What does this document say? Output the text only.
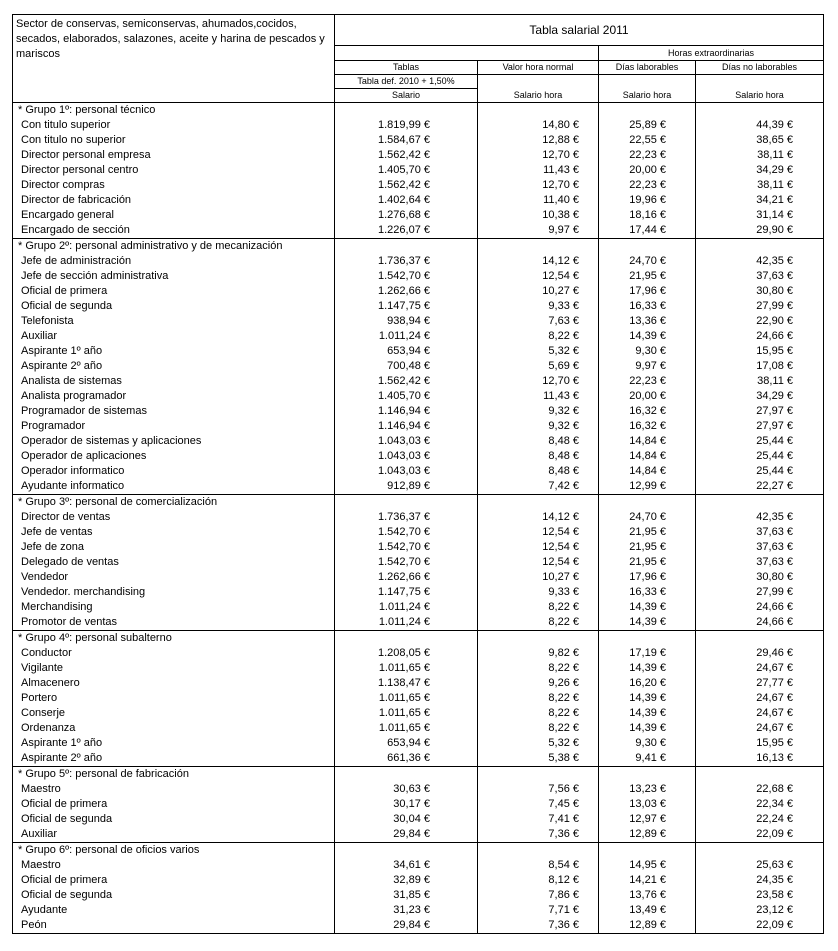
Sector de conservas, semiconservas, ahumados,cocidos, secados, elaborados, salazones, aceite y harina de pescados y mariscos	Tabla salarial 2011			
			Horas extraordinarias	
	Tablas	Valor hora normal	Días laborables	Días no laborables
	Tabla def. 2010 + 1,50%			
	Salario	Salario hora	Salario hora	Salario hora

* Grupo 1º: personal técnico				
Con titulo superior	1.819,99 €	14,80 €	25,89 €	44,39 €
Con titulo no superior	1.584,67 €	12,88 €	22,55 €	38,65 €
Director personal empresa	1.562,42 €	12,70 €	22,23 €	38,11 €
Director personal centro	1.405,70 €	11,43 €	20,00 €	34,29 €
Director compras	1.562,42 €	12,70 €	22,23 €	38,11 €
Director de fabricación	1.402,64 €	11,40 €	19,96 €	34,21 €
Encargado general	1.276,68 €	10,38 €	18,16 €	31,14 €
Encargado de sección	1.226,07 €	9,97 €	17,44 €	29,90 €
* Grupo 2º: personal administrativo y de mecanización				
Jefe de administración	1.736,37 €	14,12 €	24,70 €	42,35 €
Jefe de sección administrativa	1.542,70 €	12,54 €	21,95 €	37,63 €
Oficial de primera	1.262,66 €	10,27 €	17,96 €	30,80 €
Oficial de segunda	1.147,75 €	9,33 €	16,33 €	27,99 €
Telefonista	938,94 €	7,63 €	13,36 €	22,90 €
Auxiliar	1.011,24 €	8,22 €	14,39 €	24,66 €
Aspirante 1º año	653,94 €	5,32 €	9,30 €	15,95 €
Aspirante 2º año	700,48 €	5,69 €	9,97 €	17,08 €
Analista de sistemas	1.562,42 €	12,70 €	22,23 €	38,11 €
Analista programador	1.405,70 €	11,43 €	20,00 €	34,29 €
Programador de sistemas	1.146,94 €	9,32 €	16,32 €	27,97 €
Programador	1.146,94 €	9,32 €	16,32 €	27,97 €
Operador de sistemas y aplicaciones	1.043,03 €	8,48 €	14,84 €	25,44 €
Operador de aplicaciones	1.043,03 €	8,48 €	14,84 €	25,44 €
Operador informatico	1.043,03 €	8,48 €	14,84 €	25,44 €
Ayudante informatico	912,89 €	7,42 €	12,99 €	22,27 €
* Grupo 3º: personal de comercialización				
Director de ventas	1.736,37 €	14,12 €	24,70 €	42,35 €
Jefe de ventas	1.542,70 €	12,54 €	21,95 €	37,63 €
Jefe de zona	1.542,70 €	12,54 €	21,95 €	37,63 €
Delegado de ventas	1.542,70 €	12,54 €	21,95 €	37,63 €
Vendedor	1.262,66 €	10,27 €	17,96 €	30,80 €
Vendedor. merchandising	1.147,75 €	9,33 €	16,33 €	27,99 €
Merchandising	1.011,24 €	8,22 €	14,39 €	24,66 €
Promotor de ventas	1.011,24 €	8,22 €	14,39 €	24,66 €
* Grupo 4º: personal subalterno				
Conductor	1.208,05 €	9,82 €	17,19 €	29,46 €
Vigilante	1.011,65 €	8,22 €	14,39 €	24,67 €
Almacenero	1.138,47 €	9,26 €	16,20 €	27,77 €
Portero	1.011,65 €	8,22 €	14,39 €	24,67 €
Conserje	1.011,65 €	8,22 €	14,39 €	24,67 €
Ordenanza	1.011,65 €	8,22 €	14,39 €	24,67 €
Aspirante 1º año	653,94 €	5,32 €	9,30 €	15,95 €
Aspirante 2º año	661,36 €	5,38 €	9,41 €	16,13 €
* Grupo 5º: personal de fabricación				
Maestro	30,63 €	7,56 €	13,23 €	22,68 €
Oficial de primera	30,17 €	7,45 €	13,03 €	22,34 €
Oficial de segunda	30,04 €	7,41 €	12,97 €	22,24 €
Auxiliar	29,84 €	7,36 €	12,89 €	22,09 €
* Grupo 6º: personal de oficios varios				
Maestro	34,61 €	8,54 €	14,95 €	25,63 €
Oficial de primera	32,89 €	8,12 €	14,21 €	24,35 €
Oficial de segunda	31,85 €	7,86 €	13,76 €	23,58 €
Ayudante	31,23 €	7,71 €	13,49 €	23,12 €
Peón	29,84 €	7,36 €	12,89 €	22,09 €
